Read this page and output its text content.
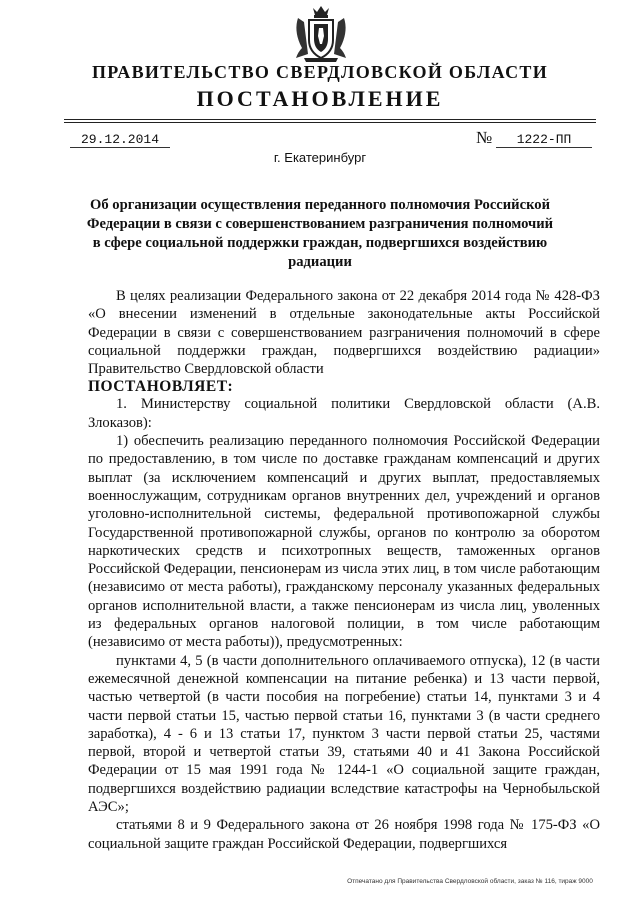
ПРАВИТЕЛЬСТВО СВЕРДЛОВСКОЙ ОБЛАСТИ
ПОСТАНОВЛЕНИЕ
29.12.2014	№	1222-ПП
г. Екатеринбург
Об организации осуществления переданного полномочия Российской Федерации в связи с совершенствованием разграничения полномочий в сфере социальной поддержки граждан, подвергшихся воздействию радиации

В целях реализации Федерального закона от 22 декабря 2014 года № 428-ФЗ «О внесении изменений в отдельные законодательные акты Российской Федерации в связи с совершенствованием разграничения полномочий в сфере социальной поддержки граждан, подвергшихся воздействию радиации» Правительство Свердловской области

ПОСТАНОВЛЯЕТ:

1. Министерству социальной политики Свердловской области (А.В. Злоказов):

1) обеспечить реализацию переданного полномочия Российской Федерации по предоставлению, в том числе по доставке гражданам компенсаций и других выплат (за исключением компенсаций и других выплат, предоставляемых военнослужащим, сотрудникам органов внутренних дел, учреждений и органов уголовно-исполнительной системы, федеральной противопожарной службы Государственной противопожарной службы, органов по контролю за оборотом наркотических средств и психотропных веществ, таможенных органов Российской Федерации, пенсионерам из числа этих лиц, в том числе работающим (независимо от места работы), гражданскому персоналу указанных федеральных органов исполнительной власти, а также пенсионерам из числа лиц, уволенных из федеральных органов налоговой полиции, в том числе работающим (независимо от места работы)), предусмотренных:

пунктами 4, 5 (в части дополнительного оплачиваемого отпуска), 12 (в части ежемесячной денежной компенсации на питание ребенка) и 13 части первой, частью четвертой (в части пособия на погребение) статьи 14, пунктами 3 и 4 части первой статьи 15, частью первой статьи 16, пунктами 3 (в части среднего заработка), 4 - 6 и 13 статьи 17, пунктом 3 части первой статьи 25, частями первой, второй и четвертой статьи 39, статьями 40 и 41 Закона Российской Федерации от 15 мая 1991 года № 1244-1 «О социальной защите граждан, подвергшихся воздействию радиации вследствие катастрофы на Чернобыльской АЭС»;

статьями 8 и 9 Федерального закона от 26 ноября 1998 года № 175-ФЗ «О социальной защите граждан Российской Федерации, подвергшихся

Отпечатано для Правительства Свердловской области, заказ № 116, тираж 9000
